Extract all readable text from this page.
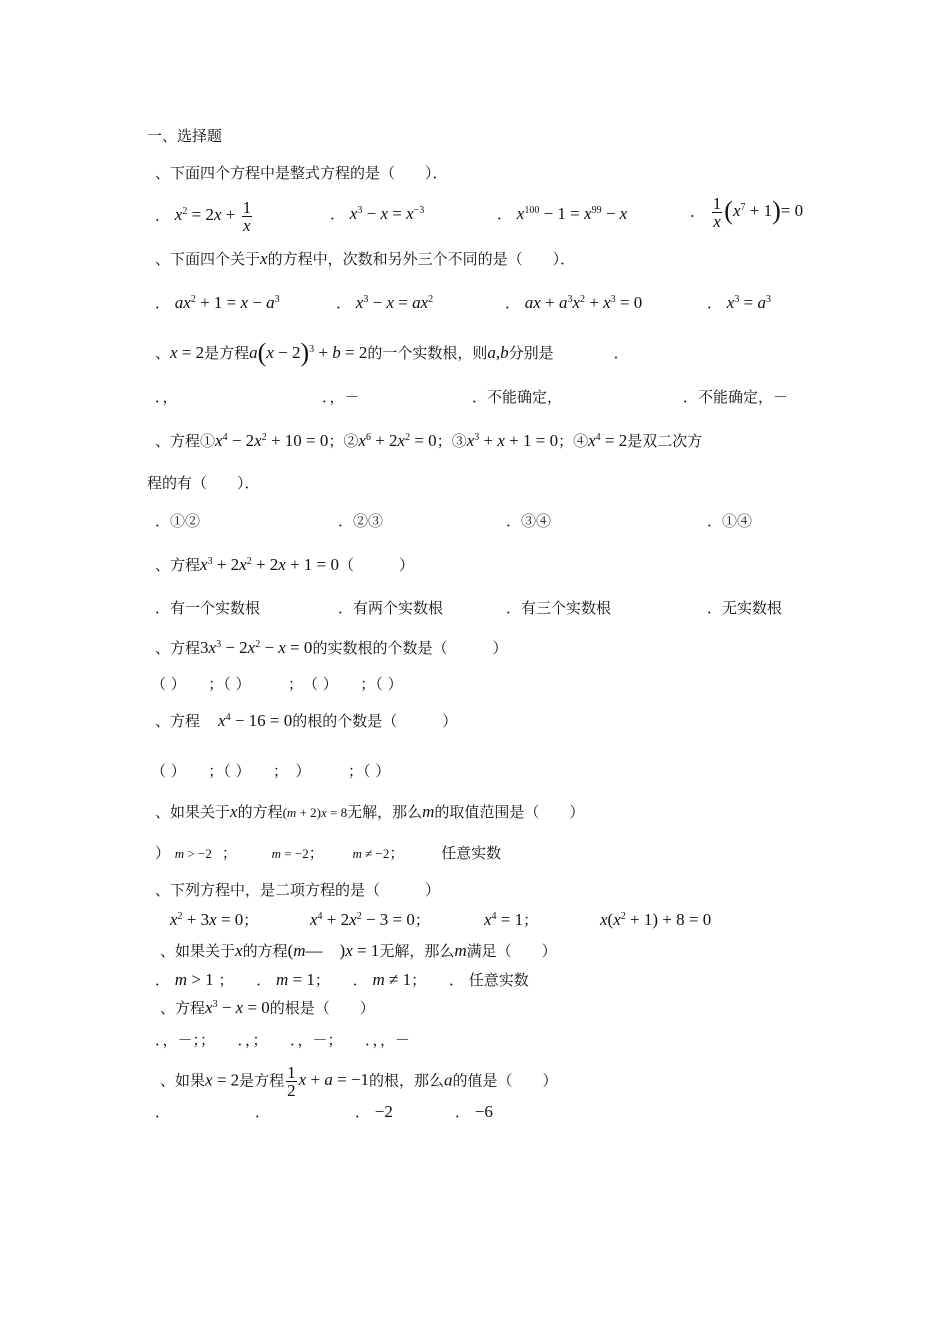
一、选择题
、下面四个方程中是整式方程的是（　　）．
． $x^2 = 2x + \frac{1}{x}$	． $x^3 - x = x^{-3}$	． $x^{100} - 1 = x^{99} - x$	． $\frac{1}{x} (x^7 + 1)= 0$
、下面四个关于x的方程中，次数和另外三个不同的是（　　）．
． $ax^2 + 1 = x - a^3$	． $x^3 - x = ax^2$	． ax + $a^3x^2 + x^3 = 0$	． $x^3 = a^3$
、x = 2是方程$a(x - 2)^3 + b = 2$的一个实数根，则a,b分别是　　　　．
．，	．，－	．不能确定，	．不能确定，－
、方程$①x^4 - 2x^2 + 10 = 0$；$②x^6 + 2x^2 = 0$；$③x^3 + x + 1 = 0$；$④x^4 = 2$是双二次方
程的有（　　）．
．①②	．②③	．③④	．①④
、方程$x^3 + 2x^2 + 2x + 1 = 0$（　　　）
．有一个实数根	．有两个实数根	．有三个实数根	．无实数根
、方程$3x^3 - 2x^2 - x = 0$的实数根的个数是（　　　）
（ ）　　；（ ）　　　；　（ ）　　；（ ）
、方程 $x^4 - 16 = 0$的根的个数是（　　　）
（ ）　　；（ ）　　；　）　　　；（ ）
、如果关于x的方程(m + 2)x = 8无解，那么m的取值范围是（　　）
） m > −2 ；	m = −2； m ≠ −2； 任意实数
、下列方程中，是二项方程的是（　　　）
$x^2 + 3x = 0$；	$x^4 + 2x^2 - 3 = 0$；	$x^4 = 1$；	$x(x^2 + 1) + 8 = 0$
、如果关于x的方程(m—　)x = 1无解，那么m满足（　　）
． m > 1 ； ． m = 1； ． m ≠ 1； ． 任意实数
、方程$x^3 - x = 0$的根是（　　）
．，－；；　　．，；　　．，－；　　．，，－
、如果x = 2是方程 $\frac{1}{2}$ x + a = −1的根，那么a的值是（　　）
．	．	． −2	． −6
